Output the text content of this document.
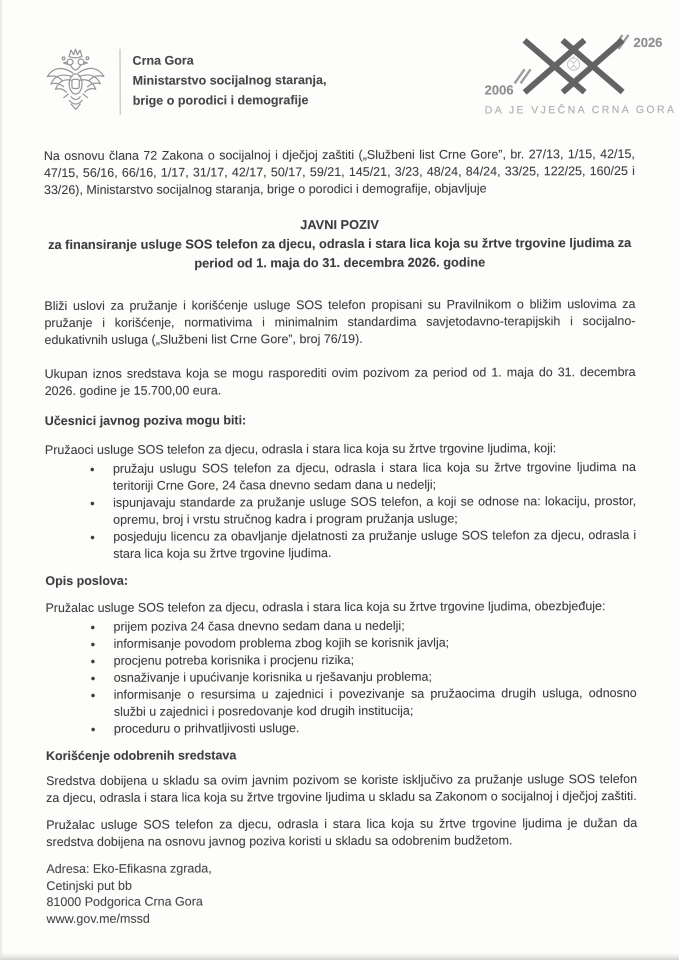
Crna Gora
Ministarstvo socijalnog staranja,
brige o porodici i demografije
2026
2006
DA JE VJEČNA CRNA GORA

Na osnovu člana 72 Zakona o socijalnoj i dječjoj zaštiti („Službeni list Crne Gore”, br. 27/13, 1/15, 42/15, 47/15, 56/16, 66/16, 1/17, 31/17, 42/17, 50/17, 59/21, 145/21, 3/23, 48/24, 84/24, 33/25, 122/25, 160/25 i 33/26), Ministarstvo socijalnog staranja, brige o porodici i demografije, objavljuje

JAVNI POZIV
za finansiranje usluge SOS telefon za djecu, odrasla i stara lica koja su žrtve trgovine ljudima za period od 1. maja do 31. decembra 2026. godine

Bliži uslovi za pružanje i korišćenje usluge SOS telefon propisani su Pravilnikom o bližim uslovima za pružanje i korišćenje, normativima i minimalnim standardima savjetodavno-terapijskih i socijalno-edukativnih usluga („Službeni list Crne Gore”, broj 76/19).

Ukupan iznos sredstava koja se mogu rasporediti ovim pozivom za period od 1. maja do 31. decembra 2026. godine je 15.700,00 eura.

Učesnici javnog poziva mogu biti:

Pružaoci usluge SOS telefon za djecu, odrasla i stara lica koja su žrtve trgovine ljudima, koji:

• pružaju uslugu SOS telefon za djecu, odrasla i stara lica koja su žrtve trgovine ljudima na teritoriji Crne Gore, 24 časa dnevno sedam dana u nedelji;
• ispunjavaju standarde za pružanje usluge SOS telefon, a koji se odnose na: lokaciju, prostor, opremu, broj i vrstu stručnog kadra i program pružanja usluge;
• posjeduju licencu za obavljanje djelatnosti za pružanje usluge SOS telefon za djecu, odrasla i stara lica koja su žrtve trgovine ljudima.
Opis poslova:

Pružalac usluge SOS telefon za djecu, odrasla i stara lica koja su žrtve trgovine ljudima, obezbjeđuje:

• prijem poziva 24 časa dnevno sedam dana u nedelji;
• informisanje povodom problema zbog kojih se korisnik javlja;
• procjenu potreba korisnika i procjenu rizika;
• osnaživanje i upućivanje korisnika u rješavanju problema;
• informisanje o resursima u zajednici i povezivanje sa pružaocima drugih usluga, odnosno službi u zajednici i posredovanje kod drugih institucija;
• proceduru o prihvatljivosti usluge.
Korišćenje odobrenih sredstava

Sredstva dobijena u skladu sa ovim javnim pozivom se koriste isključivo za pružanje usluge SOS telefon za djecu, odrasla i stara lica koja su žrtve trgovine ljudima u skladu sa Zakonom o socijalnoj i dječjoj zaštiti.

Pružalac usluge SOS telefon za djecu, odrasla i stara lica koja su žrtve trgovine ljudima je dužan da sredstva dobijena na osnovu javnog poziva koristi u skladu sa odobrenim budžetom.

Adresa: Eko-Efikasna zgrada,
Cetinjski put bb
81000 Podgorica Crna Gora
www.gov.me/mssd
